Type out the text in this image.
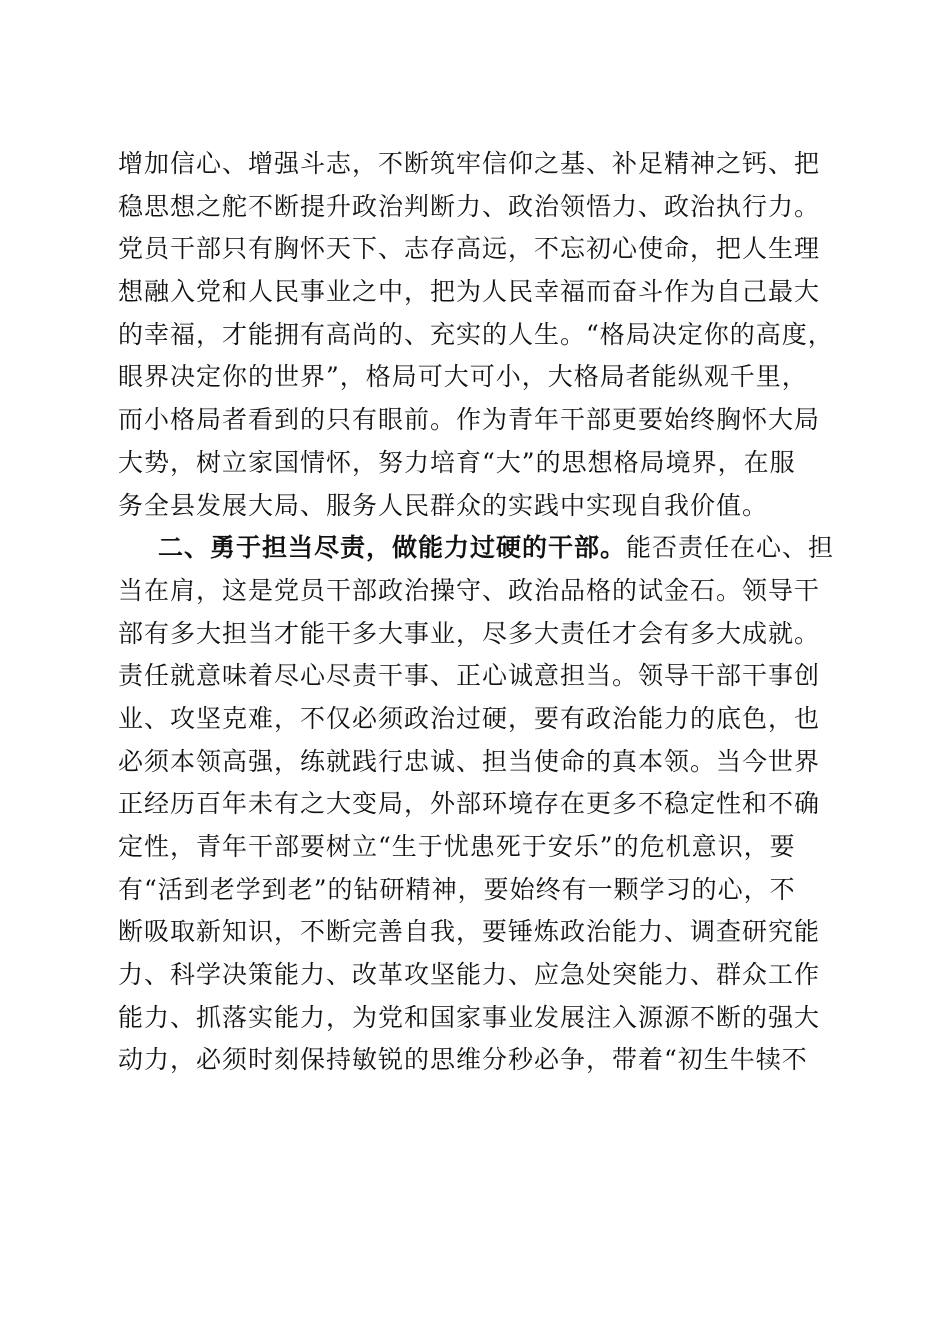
增加信心、增强斗志，不断筑牢信仰之基、补足精神之钙、把
稳思想之舵不断提升政治判断力、政治领悟力、政治执行力。
党员干部只有胸怀天下、志存高远，不忘初心使命，把人生理
想融入党和人民事业之中，把为人民幸福而奋斗作为自己最大
的幸福，才能拥有高尚的、充实的人生。“格局决定你的高度，
眼界决定你的世界”，格局可大可小，大格局者能纵观千里，
而小格局者看到的只有眼前。作为青年干部更要始终胸怀大局
大势，树立家国情怀，努力培育“大”的思想格局境界，在服
务全县发展大局、服务人民群众的实践中实现自我价值。
二、勇于担当尽责，做能力过硬的干部。能否责任在心、担
当在肩，这是党员干部政治操守、政治品格的试金石。领导干
部有多大担当才能干多大事业，尽多大责任才会有多大成就。
责任就意味着尽心尽责干事、正心诚意担当。领导干部干事创
业、攻坚克难，不仅必须政治过硬，要有政治能力的底色，也
必须本领高强，练就践行忠诚、担当使命的真本领。当今世界
正经历百年未有之大变局，外部环境存在更多不稳定性和不确
定性，青年干部要树立“生于忧患死于安乐”的危机意识，要
有“活到老学到老”的钻研精神，要始终有一颗学习的心，不
断吸取新知识，不断完善自我，要锤炼政治能力、调查研究能
力、科学决策能力、改革攻坚能力、应急处突能力、群众工作
能力、抓落实能力，为党和国家事业发展注入源源不断的强大
动力，必须时刻保持敏锐的思维分秒必争，带着“初生牛犊不
